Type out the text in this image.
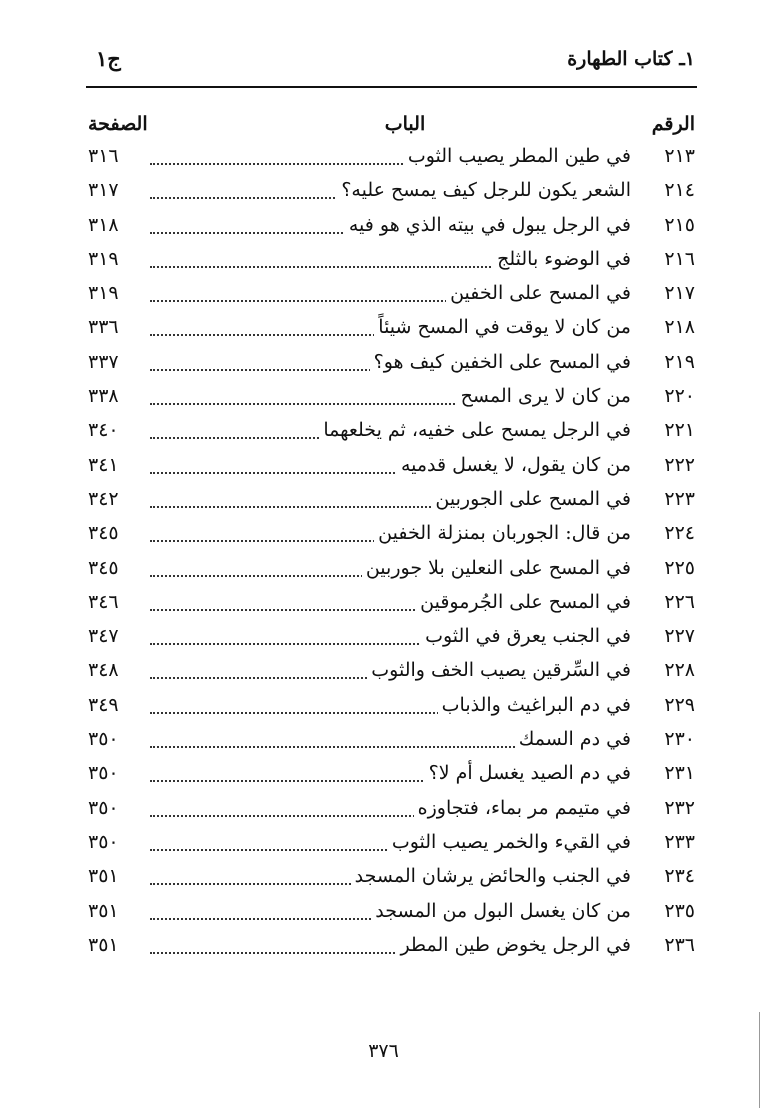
١ـ كتاب الطهارة
ج١
الرقم
الباب
الصفحة
٢١٣
في طين المطر يصيب الثوب
٣١٦
٢١٤
الشعر يكون للرجل كيف يمسح عليه؟
٣١٧
٢١٥
في الرجل يبول في بيته الذي هو فيه
٣١٨
٢١٦
في الوضوء بالثلج
٣١٩
٢١٧
في المسح على الخفين
٣١٩
٢١٨
من كان لا يوقت في المسح شيئاً
٣٣٦
٢١٩
في المسح على الخفين كيف هو؟
٣٣٧
٢٢٠
من كان لا يرى المسح
٣٣٨
٢٢١
في الرجل يمسح على خفيه، ثم يخلعهما
٣٤٠
٢٢٢
من كان يقول، لا يغسل قدميه
٣٤١
٢٢٣
في المسح على الجوربين
٣٤٢
٢٢٤
من قال: الجوربان بمنزلة الخفين
٣٤٥
٢٢٥
في المسح على النعلين بلا جوربين
٣٤٥
٢٢٦
في المسح على الجُرموقين
٣٤٦
٢٢٧
في الجنب يعرق في الثوب
٣٤٧
٢٢٨
في السِّرقين يصيب الخف والثوب
٣٤٨
٢٢٩
في دم البراغيث والذباب
٣٤٩
٢٣٠
في دم السمك
٣٥٠
٢٣١
في دم الصيد يغسل أم لا؟
٣٥٠
٢٣٢
في متيمم مر بماء، فتجاوزه
٣٥٠
٢٣٣
في القيء والخمر يصيب الثوب
٣٥٠
٢٣٤
في الجنب والحائض يرشان المسجد
٣٥١
٢٣٥
من كان يغسل البول من المسجد
٣٥١
٢٣٦
في الرجل يخوض طين المطر
٣٥١
٣٧٦
